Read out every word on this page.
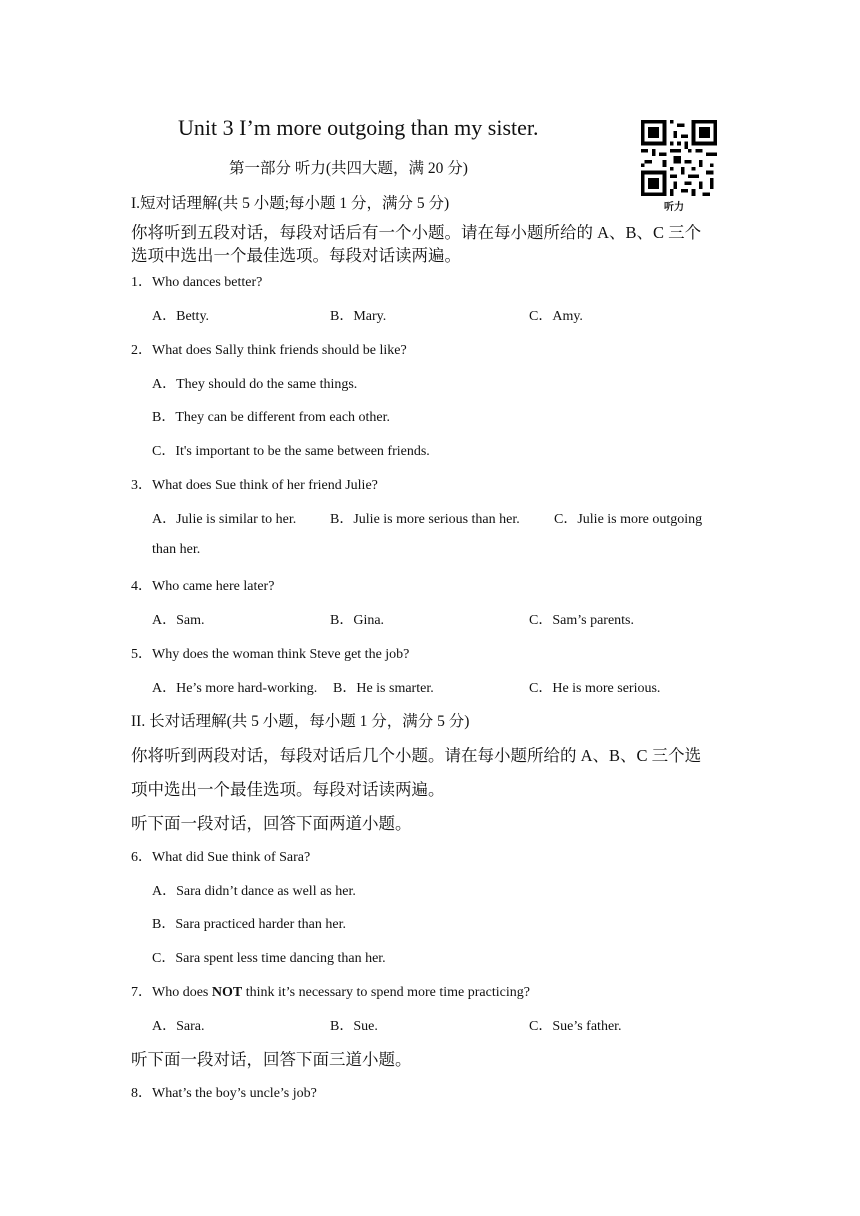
Unit 3 I’m more outgoing than my sister.
第一部分 听力(共四大题，满 20 分)
听力
I.短对话理解(共 5 小题;每小题 1 分，满分 5 分)
你将听到五段对话，每段对话后有一个小题。请在每小题所给的 A、B、C 三个
选项中选出一个最佳选项。每段对话读两遍。
1．Who dances better?
A．Betty.	B．Mary.	C．Amy.
2．What does Sally think friends should be like?
A．They should do the same things.
B．They can be different from each other.
C．It's important to be the same between friends.
3．What does Sue think of her friend Julie?
A．Julie is similar to her. B．Julie is more serious than her. C．Julie is more outgoing
than her.
4．Who came here later?
A．Sam.	B．Gina.	C．Sam’s parents.
5．Why does the woman think Steve get the job?
A．He’s more hard-working. B．He is smarter.	C．He is more serious.
II. 长对话理解(共 5 小题，每小题 1 分，满分 5 分)
你将听到两段对话，每段对话后几个小题。请在每小题所给的 A、B、C 三个选
项中选出一个最佳选项。每段对话读两遍。
听下面一段对话，回答下面两道小题。
6．What did Sue think of Sara?
A．Sara didn’t dance as well as her.
B．Sara practiced harder than her.
C．Sara spent less time dancing than her.
7．Who does NOT think it’s necessary to spend more time practicing?
A．Sara.	B．Sue.	C．Sue’s father.
听下面一段对话，回答下面三道小题。
8．What’s the boy’s uncle’s job?
